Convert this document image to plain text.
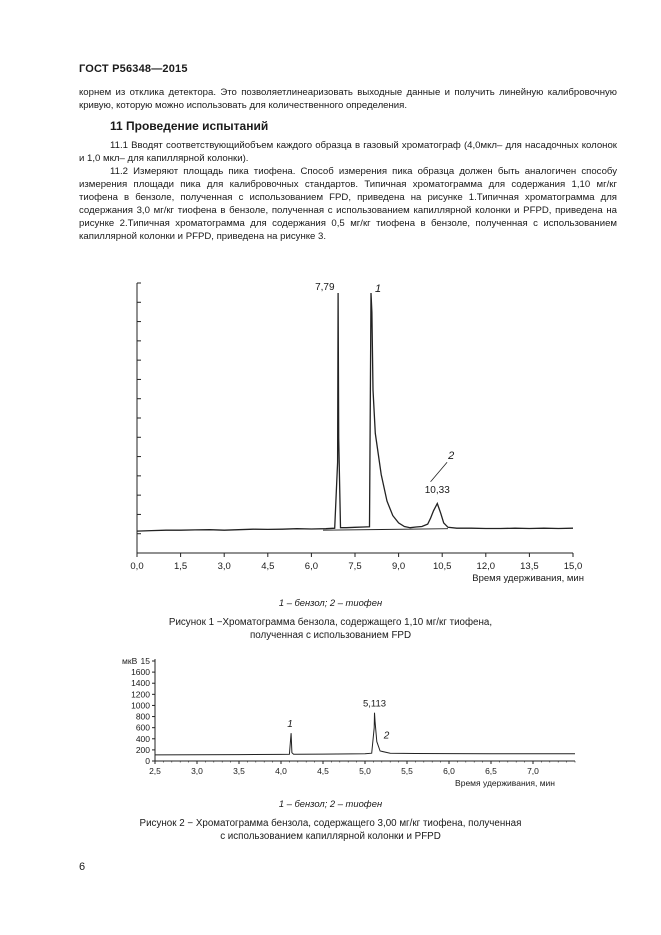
ГОСТ Р56348—2015

корнем из отклика детектора. Это позволяетлинеаризовать выходные данные и получить линейную калибровочную кривую, которую можно использовать для количественного определения.

11 Проведение испытаний

11.1 Вводят соответствующийобъем каждого образца в газовый хроматограф (4,0мкл– для насадочных колонок и 1,0 мкл– для капиллярной колонки).

11.2 Измеряют площадь пика тиофена. Способ измерения пика образца должен быть аналогичен способу измерения площади пика для калибровочных стандартов. Типичная хроматограмма для содержания 1,10 мг/кг тиофена в бензоле, полученная с использованием FPD, приведена на рисунке 1.Типичная хроматограмма для содержания 3,0 мг/кг тиофена в бензоле, полученная с использованием капиллярной колонки и PFPD, приведена на рисунке 2.Типичная хроматограмма для содержания 0,5 мг/кг тиофена в бензоле, полученная с использованием капиллярной колонки и PFPD, приведена на рисунке 3.

0,0	1,5	3,0	4,5	6,0	7,5	9,0	10,5	12,0	13,5	15,0
Время удерживания, мин
7,79	1
2
10,33
15
1600
1400
1200
1000
800
600
400
200
0
мкВ
2,5	3,0	3,5	4,0	4,5	5,0	5,5	6,0	6,5	7,0
Время удерживания, мин
1
5,113
2
1 – бензол; 2 – тиофен
Рисунок 1 −Хроматограмма бензола, содержащего 1,10 мг/кг тиофена,
полученная с использованием FPD
1 – бензол; 2 – тиофен
Рисунок 2 − Хроматограмма бензола, содержащего 3,00 мг/кг тиофена, полученная
с использованием капиллярной колонки и PFPD
6
